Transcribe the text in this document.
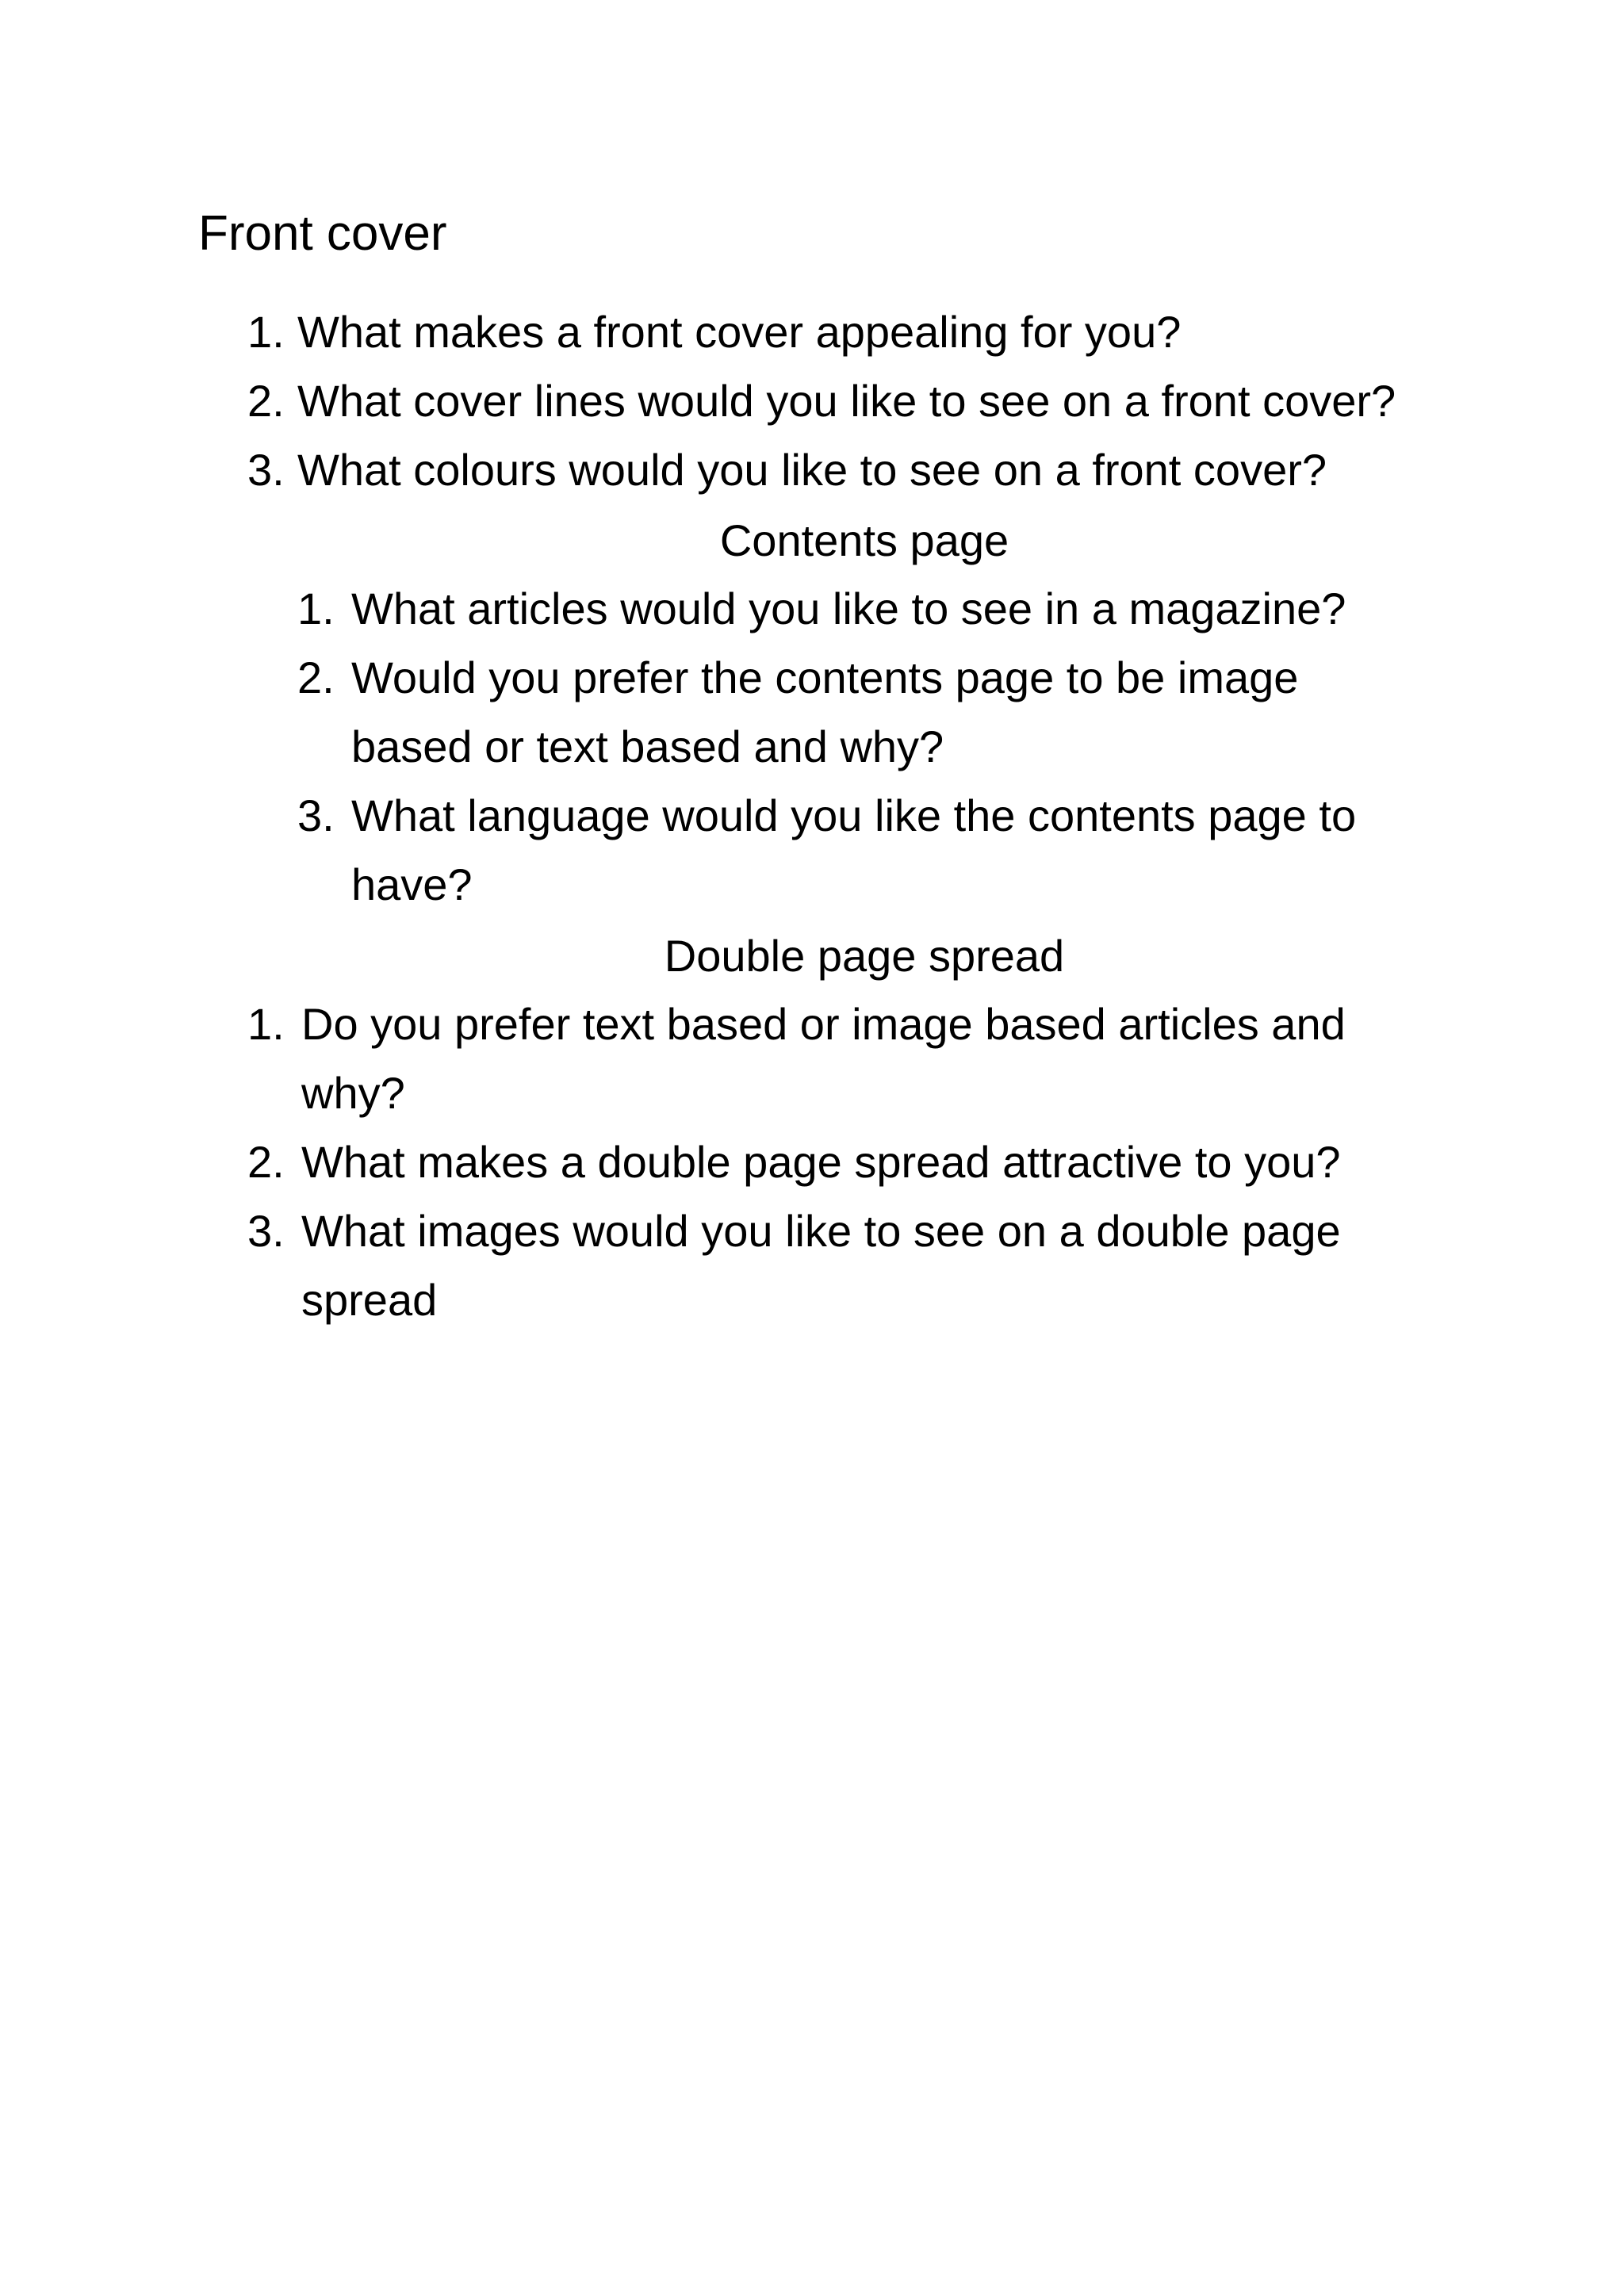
Front cover
1. What makes a front cover appealing for you?
2. What cover lines would you like to see on a front cover?
3. What colours would you like to see on a front cover?
Contents page
1. What articles would you like to see in a magazine?
2. Would you prefer the contents page to be image based or text based and why?
3. What language would you like the contents page to have?
Double page spread
1. Do you prefer text based or image based articles and why?
2. What makes a double page spread attractive to you?
3. What images would you like to see on a double page spread
